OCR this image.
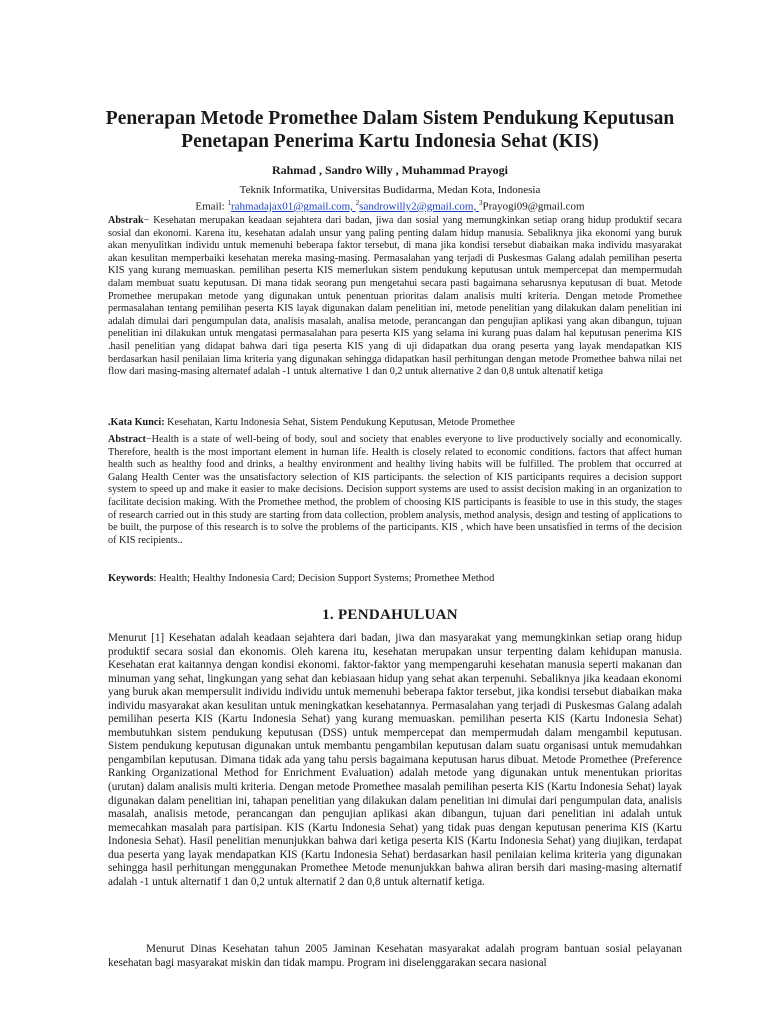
Penerapan Metode Promethee Dalam Sistem Pendukung Keputusan
Penetapan Penerima Kartu Indonesia Sehat (KIS)

Rahmad , Sandro Willy , Muhammad Prayogi

Teknik Informatika, Universitas Budidarma, Medan Kota, Indonesia
Email: $^1$rahmadajax01@gmail.com, $^2$sandrowilly2@gmail.com, $^3$Prayogi09@gmail.com

Abstrak− Kesehatan merupakan keadaan sejahtera dari badan, jiwa dan sosial yang memungkinkan setiap orang hidup produktif secara sosial dan ekonomi. Karena itu, kesehatan adalah unsur yang paling penting dalam hidup manusia. Sebaliknya jika ekonomi yang buruk akan menyulitkan individu untuk memenuhi beberapa faktor tersebut, di mana jika kondisi tersebut diabaikan maka individu masyarakat akan kesulitan memperbaiki kesehatan mereka masing-masing. Permasalahan yang terjadi di Puskesmas Galang adalah pemilihan peserta KIS yang kurang memuaskan. pemilihan peserta KIS memerlukan sistem pendukung keputusan untuk mempercepat dan mempermudah dalam membuat suatu keputusan. Di mana tidak seorang pun mengetahui secara pasti bagaimana seharusnya keputusan di buat. Metode Promethee merupakan metode yang digunakan untuk penentuan prioritas dalam analisis multi kriteria. Dengan metode Promethee permasalahan tentang pemilihan peserta KIS layak digunakan dalam penelitian ini, metode penelitian yang dilakukan dalam penelitian ini adalah dimulai dari pengumpulan data, analisis masalah, analisa metode, perancangan dan pengujian aplikasi yang akan dibangun, tujuan penelitian ini dilakukan untuk mengatasi permasalahan para peserta KIS yang selama ini kurang puas dalam hal keputusan penerima KIS .hasil penelitian yang didapat bahwa dari tiga peserta KIS yang di uji didapatkan dua orang peserta yang layak mendapatkan KIS berdasarkan hasil penilaian lima kriteria yang digunakan sehingga didapatkan hasil perhitungan dengan metode Promethee bahwa nilai net flow dari masing-masing alternatef adalah -1 untuk alternative 1 dan 0,2 untuk alternative 2 dan 0,8 untuk altenatif ketiga

.Kata Kunci: Kesehatan, Kartu Indonesia Sehat, Sistem Pendukung Keputusan, Metode Promethee

Abstract−Health is a state of well-being of body, soul and society that enables everyone to live productively socially and economically. Therefore, health is the most important element in human life. Health is closely related to economic conditions. factors that affect human health such as healthy food and drinks, a healthy environment and healthy living habits will be fulfilled. The problem that occurred at Galang Health Center was the unsatisfactory selection of KIS participants. the selection of KIS participants requires a decision support system to speed up and make it easier to make decisions. Decision support systems are used to assist decision making in an organization to facilitate decision making. With the Promethee method, the problem of choosing KIS participants is feasible to use in this study, the stages of research carried out in this study are starting from data collection, problem analysis, method analysis, design and testing of applications to be built, the purpose of this research is to solve the problems of the participants. KIS , which have been unsatisfied in terms of the decision of KIS recipients..

Keywords: Health; Healthy Indonesia Card; Decision Support Systems; Promethee Method

1. PENDAHULUAN

Menurut [1] Kesehatan adalah keadaan sejahtera dari badan, jiwa dan masyarakat yang memungkinkan setiap orang hidup produktif secara sosial dan ekonomis. Oleh karena itu, kesehatan merupakan unsur terpenting dalam kehidupan manusia. Kesehatan erat kaitannya dengan kondisi ekonomi. faktor-faktor yang mempengaruhi kesehatan manusia seperti makanan dan minuman yang sehat, lingkungan yang sehat dan kebiasaan hidup yang sehat akan terpenuhi. Sebaliknya jika keadaan ekonomi yang buruk akan mempersulit individu individu untuk memenuhi beberapa faktor tersebut, jika kondisi tersebut diabaikan maka individu masyarakat akan kesulitan untuk meningkatkan kesehatannya. Permasalahan yang terjadi di Puskesmas Galang adalah pemilihan peserta KIS (Kartu Indonesia Sehat) yang kurang memuaskan. pemilihan peserta KIS (Kartu Indonesia Sehat) membutuhkan sistem pendukung keputusan (DSS) untuk mempercepat dan mempermudah dalam mengambil keputusan. Sistem pendukung keputusan digunakan untuk membantu pengambilan keputusan dalam suatu organisasi untuk memudahkan pengambilan keputusan. Dimana tidak ada yang tahu persis bagaimana keputusan harus dibuat. Metode Promethee (Preference Ranking Organizational Method for Enrichment Evaluation) adalah metode yang digunakan untuk menentukan prioritas (urutan) dalam analisis multi kriteria. Dengan metode Promethee masalah pemilihan peserta KIS (Kartu Indonesia Sehat) layak digunakan dalam penelitian ini, tahapan penelitian yang dilakukan dalam penelitian ini dimulai dari pengumpulan data, analisis masalah, analisis metode, perancangan dan pengujian aplikasi akan dibangun, tujuan dari penelitian ini adalah untuk memecahkan masalah para partisipan. KIS (Kartu Indonesia Sehat) yang tidak puas dengan keputusan penerima KIS (Kartu Indonesia Sehat). Hasil penelitian menunjukkan bahwa dari ketiga peserta KIS (Kartu Indonesia Sehat) yang diujikan, terdapat dua peserta yang layak mendapatkan KIS (Kartu Indonesia Sehat) berdasarkan hasil penilaian kelima kriteria yang digunakan sehingga hasil perhitungan menggunakan Promethee Metode menunjukkan bahwa aliran bersih dari masing-masing alternatif adalah -1 untuk alternatif 1 dan 0,2 untuk alternatif 2 dan 0,8 untuk alternatif ketiga.

Menurut Dinas Kesehatan tahun 2005 Jaminan Kesehatan masyarakat adalah program bantuan sosial pelayanan kesehatan bagi masyarakat miskin dan tidak mampu. Program ini diselenggarakan secara nasional
